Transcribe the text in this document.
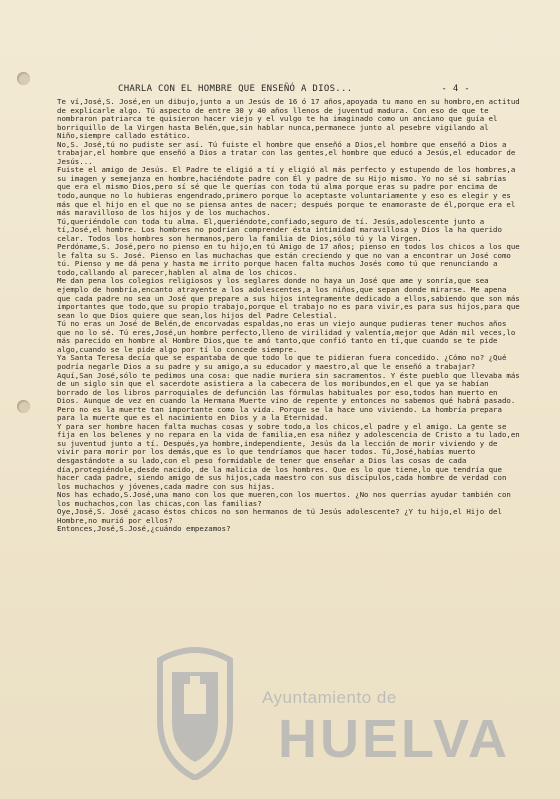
CHARLA CON EL HOMBRE QUE ENSEÑÓ A DIOS...	- 4 -

Te ví,José,S. José,en un dibujo,junto a un Jesús de 16 ó 17 años,apoyada tu mano en su hombro,en actitud de explicarle algo. Tú aspecto de entre 30 y 40 años llenos de juventud madura. Con eso de que te nombraron patriarca te quisieron hacer viejo y el vulgo te ha imaginado como un anciano que guía el borriquillo de la Virgen hasta Belén,que,sin hablar nunca,permanece junto al pesebre vigilando al Niño,siempre callado estático.

No,S. José,tú no pudiste ser así. Tú fuiste el hombre que enseñó a Dios,el hombre que enseñó a Dios a trabajar,el hombre que enseñó a Dios a tratar con las gentes,el hombre que educó a Jesús,el educador de Jesús...

Fuiste el amigo de Jesús. El Padre te eligió a tí y eligió al más perfecto y estupendo de los hombres,a su imagen y semejanza en hombre,haciéndote padre con Él y padre de su Hijo mismo. Yo no sé si sabrías que era el mismo Dios,pero sí sé que le querías con toda tú alma porque eras su padre por encima de todo,aunque no lo hubieras engendrado,primero porque lo aceptaste voluntariamente y eso es elegir y es más que el hijo en el que no se piensa antes de nacer; después porque te enamoraste de él,porque era el más maravilloso de los hijos y de los muchachos.

Tú,queriéndole con toda tu alma. El,queriéndote,confiado,seguro de tí. Jesús,adolescente junto a tí,José,el hombre. Los hombres no podrían comprender ésta intimidad maravillosa y Dios la ha querido celar. Todos los hombres son hermanos,pero la familia de Dios,sólo tú y la Virgen.

Perdóname,S. José,pero no pienso en tu hijo,en tú Amigo de 17 años; pienso en todos los chicos a los que le falta su S. José. Pienso en las muchachas que están creciendo y que no van a encontrar un José como tú. Pienso y me dá pena y hasta me irrito porque hacen falta muchos Josés como tú que renunciando a todo,callando al parecer,hablen al alma de los chicos.

Me dan pena los colegios religiosos y los seglares donde no haya un José que ame y sonría,que sea ejemplo de hombría,encanto atrayente a los adolescentes,a los niños,que sepan donde mirarse. Me apena que cada padre no sea un José que prepare a sus hijos integramente dedicado a ellos,sabiendo que son más importantes que todo,que su propio trabajo,porque el trabajo no es para vivir,es para sus hijos,para que sean lo que Dios quiere que sean,los hijos del Padre Celestial.

Tú no eras un José de Belén,de encorvadas espaldas,no eras un viejo aunque pudieras tener muchos años que no lo sé. Tú eres,José,un hombre perfecto,lleno de virilidad y valentía,mejor que Adán mil veces,lo más parecido en hombre al Hombre Dios,que te amó tanto,que confió tanto en tí,que cuando se te pide algo,cuando se le pide algo por tí lo concede siempre.

Ya Santa Teresa decía que se espantaba de que todo lo que te pidieran fuera concedido. ¿Cómo no? ¿Qué podría negarle Dios a su padre y su amigo,a su educador y maestro,al que le enseñó a trabajar?

Aquí,San José,sólo te pedimos una cosa: que nadie muriera sin sacramentos. Y éste pueblo que llevaba más de un siglo sin que el sacerdote asistiera a la cabecera de los moribundos,en el que ya se habían borrado de los libros parroquiales de defunción las fórmulas habituales por eso,todos han muerto en Dios. Aunque de vez en cuando la Hermana Muerte vino de repente y entonces no sabemos qué habrá pasado.

Pero no es la muerte tan importante como la vida. Porque se la hace uno viviendo. La hombría prepara para la muerte que es el nacimiento en Dios y a la Eternidad.

Y para ser hombre hacen falta muchas cosas y sobre todo,a los chicos,el padre y el amigo. La gente se fija en los belenes y no repara en la vida de familia,en esa niñez y adolescencia de Cristo a tu lado,en su juventud junto a tí. Después,ya hombre,independiente, Jesús da la lección de morir viviendo y de vivir para morir por los demás,que es lo que tendríamos que hacer todos. Tú,José,habías muerto desgastándote a su lado,con el peso formidable de tener que enseñar a Dios las cosas de cada día,protegiéndole,desde nacido, de la malicia de los hombres. Que es lo que tiene,lo que tendría que hacer cada padre, siendo amigo de sus hijos,cada maestro con sus discípulos,cada hombre de verdad con los muchachos y jóvenes,cada madre con sus hijas.

Nos has echado,S.José,una mano con los que mueren,con los muertos. ¿No nos querrías ayudar también con los muchachos,con las chicas,con las familias?

Oye,José,S. José ¿acaso éstos chicos no son hermanos de tú Jesús adolescente? ¿Y tu hijo,el Hijo del Hombre,no murió por ellos?

Entonces,José,S.José,¿cuándo empezamos?

Ayuntamiento de
HUELVA
